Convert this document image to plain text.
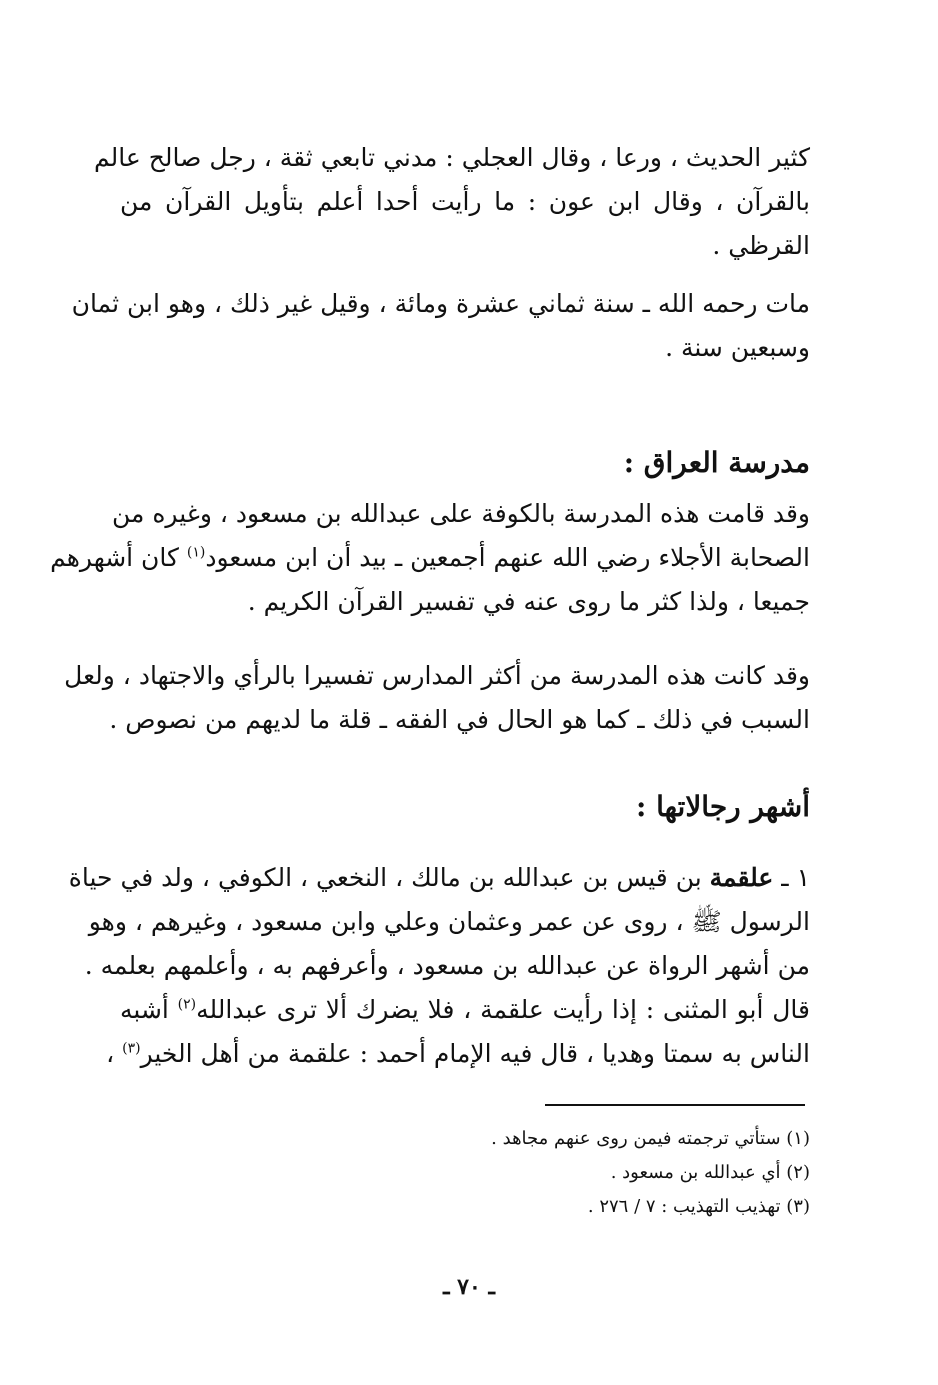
كثير الحديث ، ورعا ، وقال العجلي : مدني تابعي ثقة ، رجل صالح عالم
بالقرآن ، وقال ابن عون : ما رأيت أحدا أعلم بتأويل القرآن من
القرظي .
مات رحمه الله ـ سنة ثماني عشرة ومائة ، وقيل غير ذلك ، وهو ابن ثمان
وسبعين سنة .
مدرسة العراق :
وقد قامت هذه المدرسة بالكوفة على عبدالله بن مسعود ، وغيره من
الصحابة الأجلاء رضي الله عنهم أجمعين ـ بيد أن ابن مسعود$^{(١)}$ كان أشهرهم
جميعا ، ولذا كثر ما روى عنه في تفسير القرآن الكريم .
وقد كانت هذه المدرسة من أكثر المدارس تفسيرا بالرأي والاجتهاد ، ولعل
السبب في ذلك ـ كما هو الحال في الفقه ـ قلة ما لديهم من نصوص .
أشهر رجالاتها :
١ ـ علقمة بن قيس بن عبدالله بن مالك ، النخعي ، الكوفي ، ولد في حياة
الرسول ﷺ ، روى عن عمر وعثمان وعلي وابن مسعود ، وغيرهم ، وهو
من أشهر الرواة عن عبدالله بن مسعود ، وأعرفهم به ، وأعلمهم بعلمه .
قال أبو المثنى : إذا رأيت علقمة ، فلا يضرك ألا ترى عبدالله$^{(٢)}$ أشبه
الناس به سمتا وهديا ، قال فيه الإمام أحمد : علقمة من أهل الخير$^{(٣)}$ ،
(١) ستأتي ترجمته فيمن روى عنهم مجاهد .
(٢) أي عبدالله بن مسعود .
(٣) تهذيب التهذيب : ٧ / ٢٧٦ .
ـ ٧٠ ـ
